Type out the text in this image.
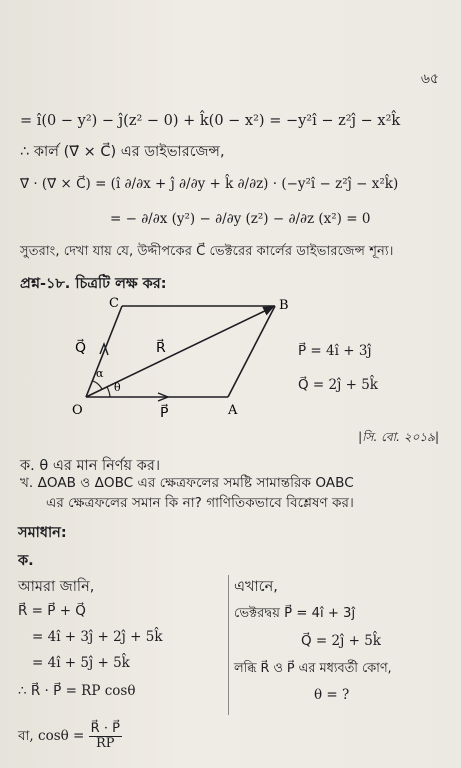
৬৫
= î(0 − y²) − ĵ(z² − 0) + k̂(0 − x²) = −y²î − z²ĵ − x²k̂
∴ কার্ল (∇⃗ × C⃗) এর ডাইভারজেন্স,
∇⃗ · (∇⃗ × C⃗) = (î ∂/∂x + ĵ ∂/∂y + k̂ ∂/∂z) · (−y²î − z²ĵ − x²k̂)
= − ∂/∂x (y²) − ∂/∂y (z²) − ∂/∂z (x²) = 0
সুতরাং, দেখা যায় যে, উদ্দীপকের C⃗ ভেক্টরের কার্লের ডাইভারজেন্স শূন্য।
প্রশ্ন-১৮. চিত্রটি লক্ষ কর:
C	B
O	A
Q⃗	R⃗
P⃗
α
θ
P⃗ = 4î + 3ĵ
Q⃗ = 2ĵ + 5k̂
|সি. বো. ২০১৯|
ক. θ এর মান নির্ণয় কর।
খ. ΔOAB ও ΔOBC এর ক্ষেত্রফলের সমষ্টি সামান্তরিক OABC
এর ক্ষেত্রফলের সমান কি না? গাণিতিকভাবে বিশ্লেষণ কর।
সমাধান:
ক.
আমরা জানি,
R⃗ = P⃗ + Q⃗
= 4î + 3ĵ + 2ĵ + 5k̂
= 4î + 5ĵ + 5k̂
∴ R⃗ · P⃗ = RP cosθ
বা, $\cos\theta = \frac{R⃗ \cdot P⃗}{RP}$
এখানে,
ভেক্টরদ্বয় P⃗ = 4î + 3ĵ
Q⃗ = 2ĵ + 5k̂
লব্ধি R⃗ ও P⃗ এর মধ্যবর্তী কোণ,
θ = ?
